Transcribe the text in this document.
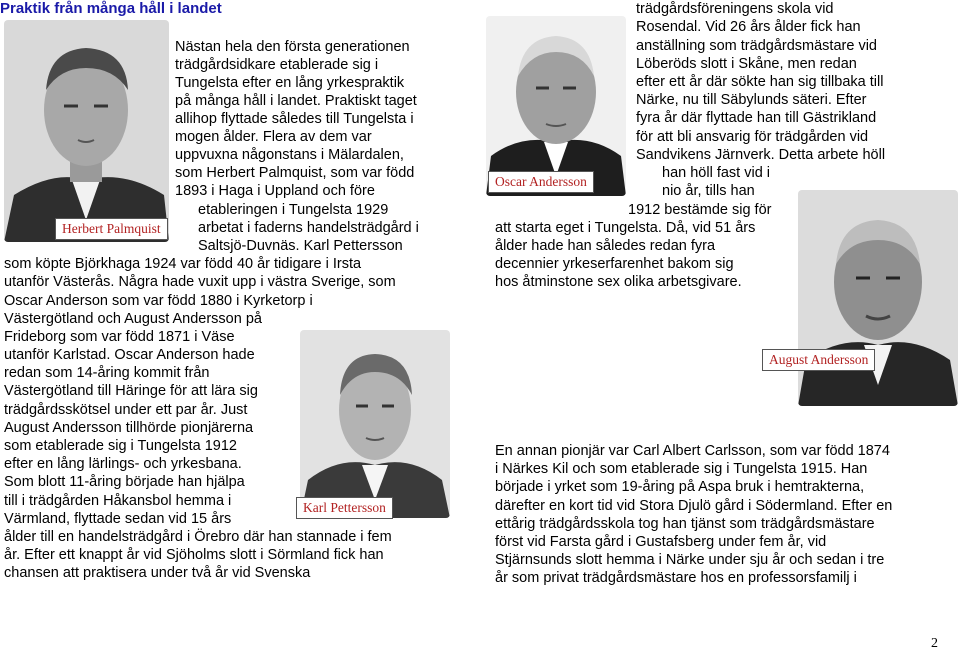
Praktik från många håll i landet
Herbert Palmquist
Karl Pettersson
Oscar Andersson
August Andersson
Nästan hela den första generationen
trädgårdsidkare etablerade sig i
Tungelsta efter en lång yrkespraktik
på många håll i landet. Praktiskt taget
allihop flyttade således till Tungelsta i
mogen ålder. Flera av dem var
uppvuxna någonstans i Mälardalen,
som Herbert Palmquist, som var född
1893 i Haga i Uppland och före
etableringen i Tungelsta 1929
arbetat i faderns handelsträdgård i
Saltsjö-Duvnäs. Karl Pettersson
som köpte Björkhaga 1924 var född 40 år tidigare i Irsta
utanför Västerås. Några hade vuxit upp i västra Sverige, som
Oscar Anderson som var född 1880 i Kyrketorp i
Västergötland och August Andersson på
Frideborg som var född 1871 i Väse
utanför Karlstad. Oscar Anderson hade
redan som 14-åring kommit från
Västergötland till Häringe för att lära sig
trädgårdsskötsel under ett par år. Just
August Andersson tillhörde pionjärerna
som etablerade sig i Tungelsta 1912
efter en lång lärlings- och yrkesbana.
Som blott 11-åring började han hjälpa
till i trädgården Håkansbol hemma i
Värmland, flyttade sedan vid 15 års
ålder till en handelsträdgård i Örebro där han stannade i fem
år. Efter ett knappt år vid Sjöholms slott i Sörmland fick han
chansen att praktisera under två år vid Svenska
trädgårdsföreningens skola vid
Rosendal. Vid 26 års ålder fick han
anställning som trädgårdsmästare vid
Löberöds slott i Skåne, men redan
efter ett år där sökte han sig tillbaka till
Närke, nu till Säbylunds säteri. Efter
fyra år där flyttade han till Gästrikland
för att bli ansvarig för trädgården vid
Sandvikens Järnverk. Detta arbete höll
han höll fast vid i
nio år, tills han
1912 bestämde sig för
att starta eget i Tungelsta. Då, vid 51 års
ålder hade han således redan fyra
decennier yrkeserfarenhet bakom sig
hos åtminstone sex olika arbetsgivare.
En annan pionjär var Carl Albert Carlsson, som var född 1874
i Närkes Kil och som etablerade sig i Tungelsta 1915. Han
började i yrket som 19-åring på Aspa bruk i hemtrakterna,
därefter en kort tid vid Stora Djulö gård i Södermland. Efter en
ettårig trädgårdsskola tog han tjänst som trädgårdsmästare
först vid Farsta gård i Gustafsberg under fem år, vid
Stjärnsunds slott hemma i Närke under sju år och sedan i tre
år som privat trädgårdsmästare hos en professorsfamilj i
2
